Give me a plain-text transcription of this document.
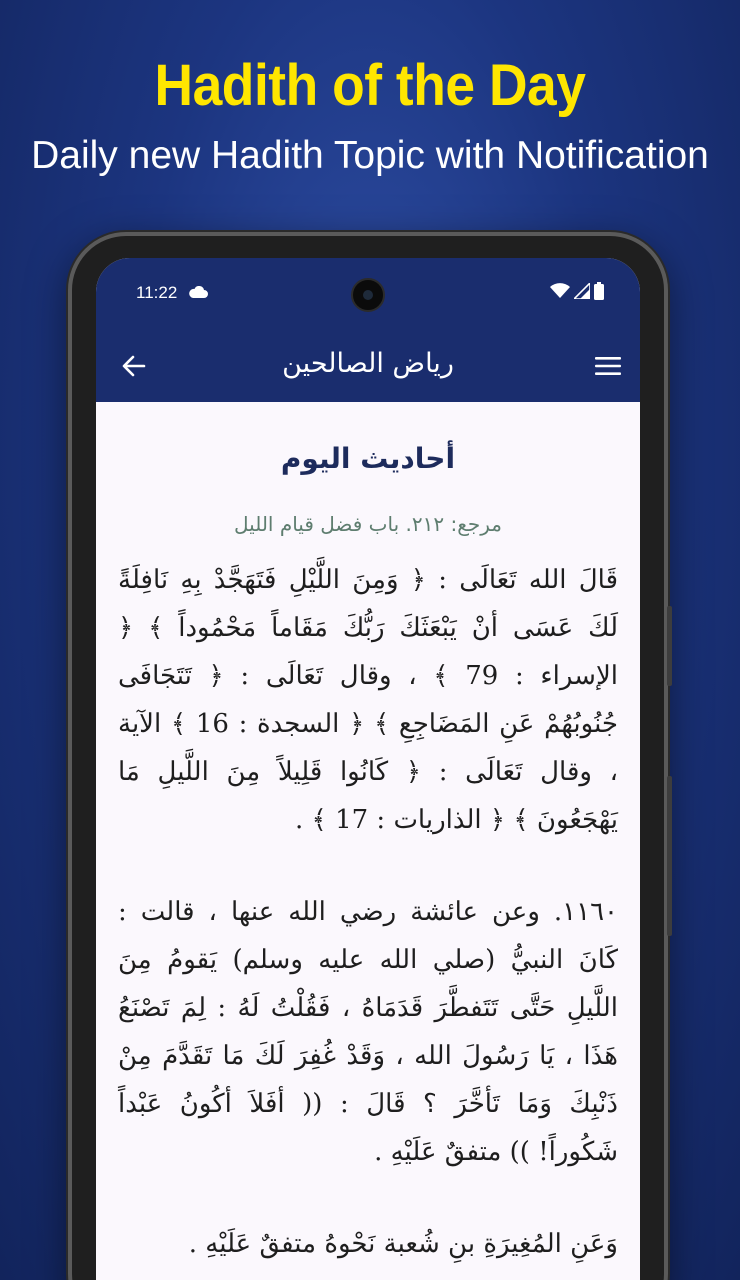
Hadith of the Day
Daily new Hadith Topic with Notification
11:22
رياض الصالحين
أحاديث اليوم
مرجع: ٢١٢. باب فضل قيام الليل

قَالَ الله تَعَالَى : ﴿ وَمِنَ اللَّيْلِ فَتَهَجَّدْ بِهِ نَافِلَةً لَكَ عَسَى أنْ يَبْعَثَكَ رَبُّكَ مَقَاماً مَحْمُوداً ﴾ ﴿ الإسراء : 79 ﴾ ، وقال تَعَالَى : ﴿ تَتَجَافَى جُنُوبُهُمْ عَنِ المَضَاجِعِ ﴾ ﴿ السجدة : 16 ﴾ الآية ، وقال تَعَالَى : ﴿ كَانُوا قَلِيلاً مِنَ اللَّيلِ مَا يَهْجَعُونَ ﴾ ﴿ الذاريات : 17 ﴾ .

١١٦٠. وعن عائشة رضي الله عنها ، قالت : كَانَ النبيُّ (صلي الله عليه وسلم) يَقومُ مِنَ اللَّيلِ حَتَّى تَتَفطَّرَ قَدَمَاهُ ، فَقُلْتُ لَهُ : لِمَ تَصْنَعُ هَذَا ، يَا رَسُولَ الله ، وَقَدْ غُفِرَ لَكَ مَا تَقَدَّمَ مِنْ ذَنْبِكَ وَمَا تَأخَّرَ ؟ قَالَ : (( أفَلاَ أكُونُ عَبْداً شَكُوراً! )) متفقٌ عَلَيْهِ .

وَعَنِ المُغِيرَةِ بنِ شُعبة نَحْوهُ متفقٌ عَلَيْهِ .
